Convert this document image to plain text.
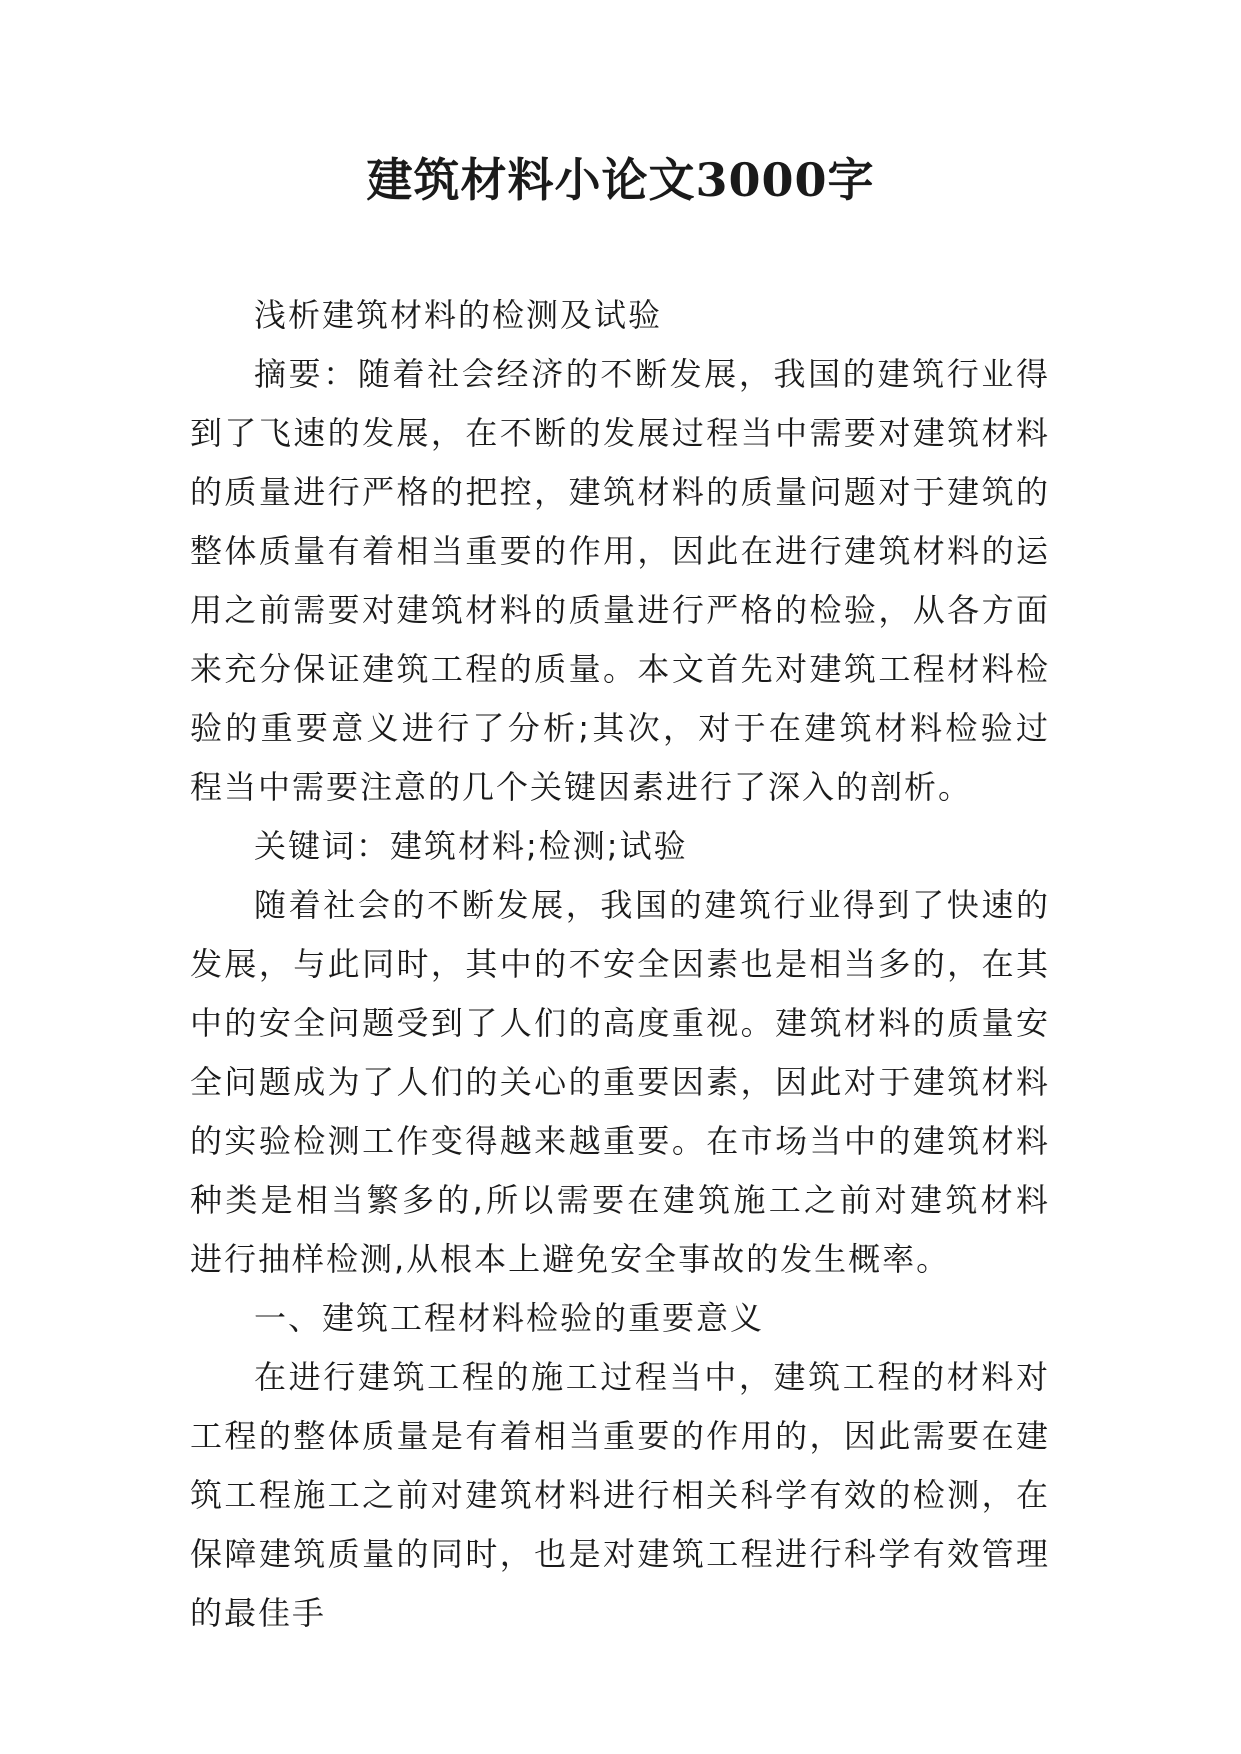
建筑材料小论文3000字

浅析建筑材料的检测及试验

摘要：随着社会经济的不断发展，我国的建筑行业得到了飞速的发展，在不断的发展过程当中需要对建筑材料的质量进行严格的把控，建筑材料的质量问题对于建筑的整体质量有着相当重要的作用，因此在进行建筑材料的运用之前需要对建筑材料的质量进行严格的检验，从各方面来充分保证建筑工程的质量。本文首先对建筑工程材料检验的重要意义进行了分析;其次，对于在建筑材料检验过程当中需要注意的几个关键因素进行了深入的剖析。

关键词：建筑材料;检测;试验

随着社会的不断发展，我国的建筑行业得到了快速的发展，与此同时，其中的不安全因素也是相当多的，在其中的安全问题受到了人们的高度重视。建筑材料的质量安全问题成为了人们的关心的重要因素，因此对于建筑材料的实验检测工作变得越来越重要。在市场当中的建筑材料种类是相当繁多的,所以需要在建筑施工之前对建筑材料进行抽样检测,从根本上避免安全事故的发生概率。

一、建筑工程材料检验的重要意义

在进行建筑工程的施工过程当中，建筑工程的材料对工程的整体质量是有着相当重要的作用的，因此需要在建筑工程施工之前对建筑材料进行相关科学有效的检测，在保障建筑质量的同时，也是对建筑工程进行科学有效管理的最佳手
